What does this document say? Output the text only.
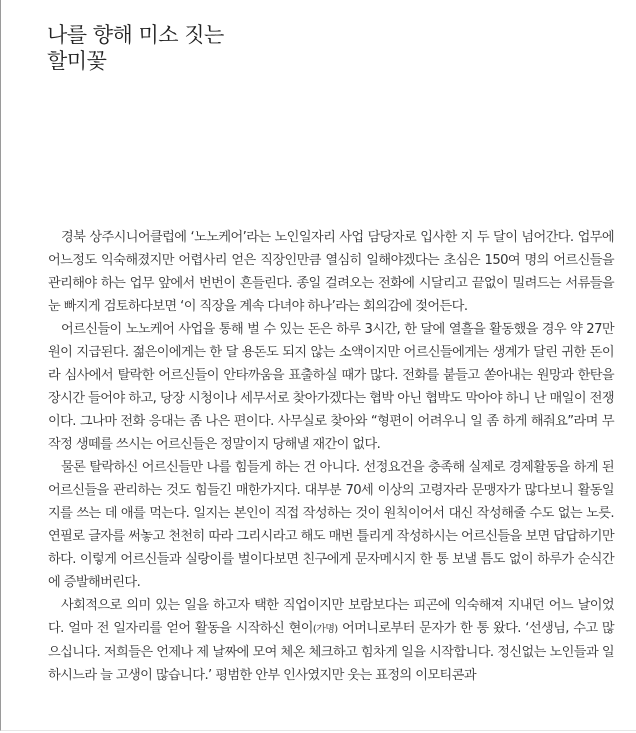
나를 향해 미소 짓는
할미꽃

경북 상주시니어클럽에 ‘노노케어’라는 노인일자리 사업 담당자로 입사한 지 두 달이 넘어간다. 업무에 어느정도 익숙해졌지만 어렵사리 얻은 직장인만큼 열심히 일해야겠다는 초심은 150여 명의 어르신들을 관리해야 하는 업무 앞에서 번번이 흔들린다. 종일 걸려오는 전화에 시달리고 끝없이 밀려드는 서류들을 눈 빠지게 검토하다보면 ‘이 직장을 계속 다녀야 하나’라는 회의감에 젖어든다.

어르신들이 노노케어 사업을 통해 벌 수 있는 돈은 하루 3시간, 한 달에 열흘을 활동했을 경우 약 27만 원이 지급된다. 젊은이에게는 한 달 용돈도 되지 않는 소액이지만 어르신들에게는 생계가 달린 귀한 돈이라 심사에서 탈락한 어르신들이 안타까움을 표출하실 때가 많다. 전화를 붙들고 쏟아내는 원망과 한탄을 장시간 들어야 하고, 당장 시청이나 세무서로 찾아가겠다는 협박 아닌 협박도 막아야 하니 난 매일이 전쟁이다. 그나마 전화 응대는 좀 나은 편이다. 사무실로 찾아와 “형편이 어려우니 일 좀 하게 해줘요”라며 무작정 생떼를 쓰시는 어르신들은 정말이지 당해낼 재간이 없다.

물론 탈락하신 어르신들만 나를 힘들게 하는 건 아니다. 선정요건을 충족해 실제로 경제활동을 하게 된 어르신들을 관리하는 것도 힘들긴 매한가지다. 대부분 70세 이상의 고령자라 문맹자가 많다보니 활동일지를 쓰는 데 애를 먹는다. 일지는 본인이 직접 작성하는 것이 원칙이어서 대신 작성해줄 수도 없는 노릇. 연필로 글자를 써놓고 천천히 따라 그리시라고 해도 매번 틀리게 작성하시는 어르신들을 보면 답답하기만 하다. 이렇게 어르신들과 실랑이를 벌이다보면 친구에게 문자메시지 한 통 보낼 틈도 없이 하루가 순식간에 증발해버린다.

사회적으로 의미 있는 일을 하고자 택한 직업이지만 보람보다는 피곤에 익숙해져 지내던 어느 날이었다. 얼마 전 일자리를 얻어 활동을 시작하신 현이(가명) 어머니로부터 문자가 한 통 왔다. ‘선생님, 수고 많으십니다. 저희들은 언제나 제 날짜에 모여 체온 체크하고 힘차게 일을 시작합니다. 정신없는 노인들과 일하시느라 늘 고생이 많습니다.’ 평범한 안부 인사였지만 웃는 표정의 이모티콘과
